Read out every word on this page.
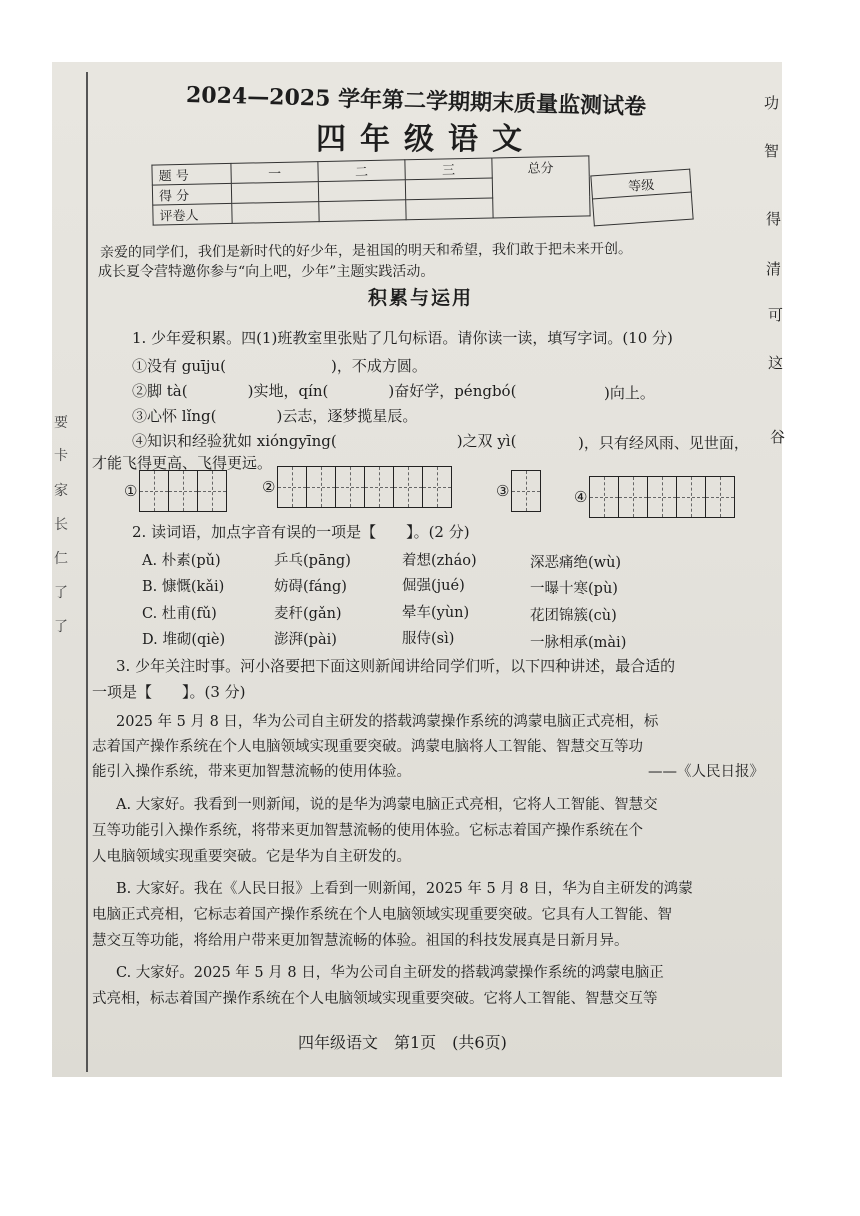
要
卡
家
长
仁
了
了
2024—2025 学年第二学期期末质量监测试卷
四年级语文
题 号	一	二	三	总分
得 分				
评卷人				
等级

亲爱的同学们，我们是新时代的好少年，是祖国的明天和希望，我们敢于把未来开创。
成长夏令营特邀你参与“向上吧，少年”主题实践活动。
积累与运用
1. 少年爱积累。四(1)班教室里张贴了几句标语。请你读一读，填写字词。(10 分)
①没有 guīju(　　　　　　　)，不成方圆。
②脚 tà(　　　　)实地，qín(　　　　)奋好学，péngbó(	)向上。
③心怀 lǐng(　　　　)云志，逐梦揽星辰。
④知识和经验犹如 xióngyīng(　　　　　　　　)之双 yì(	)，只有经风雨、见世面，
才能飞得更高、飞得更远。
①	②	③	④
2. 读词语，加点字音有误的一项是【　　】。(2 分)
A. 朴素(pǔ)	乒乓(pāng)	着想(zháo)	深恶痛绝(wù)
B. 慷慨(kǎi)	妨碍(fáng)	倔强(jué)	一曝十寒(pù)
C. 杜甫(fǔ)	麦秆(gǎn)	晕车(yùn)	花团锦簇(cù)
D. 堆砌(qiè)	澎湃(pài)	服侍(sì)	一脉相承(mài)
3. 少年关注时事。河小洛要把下面这则新闻讲给同学们听，以下四种讲述，最合适的
一项是【　　】。(3 分)
2025 年 5 月 8 日，华为公司自主研发的搭载鸿蒙操作系统的鸿蒙电脑正式亮相，标
志着国产操作系统在个人电脑领域实现重要突破。鸿蒙电脑将人工智能、智慧交互等功
能引入操作系统，带来更加智慧流畅的使用体验。	——《人民日报》
A. 大家好。我看到一则新闻，说的是华为鸿蒙电脑正式亮相，它将人工智能、智慧交
互等功能引入操作系统，将带来更加智慧流畅的使用体验。它标志着国产操作系统在个
人电脑领域实现重要突破。它是华为自主研发的。
B. 大家好。我在《人民日报》上看到一则新闻，2025 年 5 月 8 日，华为自主研发的鸿蒙
电脑正式亮相，它标志着国产操作系统在个人电脑领域实现重要突破。它具有人工智能、智
慧交互等功能，将给用户带来更加智慧流畅的体验。祖国的科技发展真是日新月异。
C. 大家好。2025 年 5 月 8 日，华为公司自主研发的搭载鸿蒙操作系统的鸿蒙电脑正
式亮相，标志着国产操作系统在个人电脑领域实现重要突破。它将人工智能、智慧交互等
四年级语文　第1页　(共6页)
功
智
得
清
可
这
谷
